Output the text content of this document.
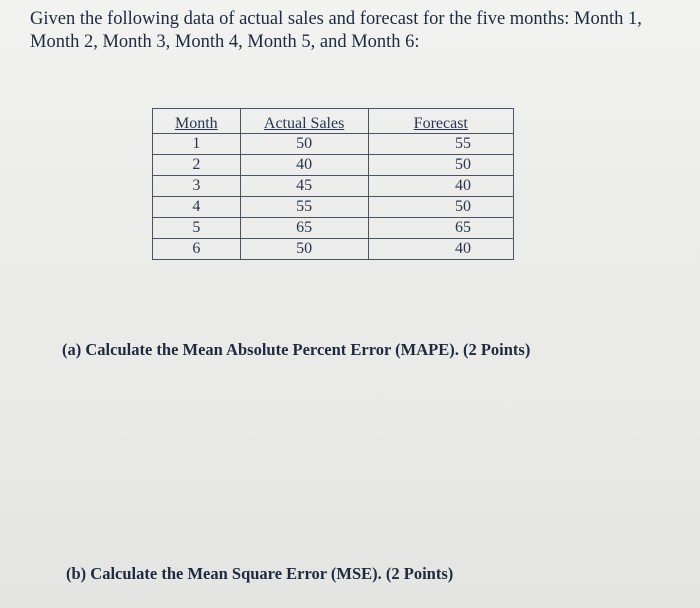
Given the following data of actual sales and forecast for the five months: Month 1, Month 2, Month 3, Month 4, Month 5, and Month 6:

Month	Actual Sales	Forecast
1	50	55
2	40	50
3	45	40
4	55	50
5	65	65
6	50	40

(a) Calculate the Mean Absolute Percent Error (MAPE). (2 Points)

(b) Calculate the Mean Square Error (MSE). (2 Points)
